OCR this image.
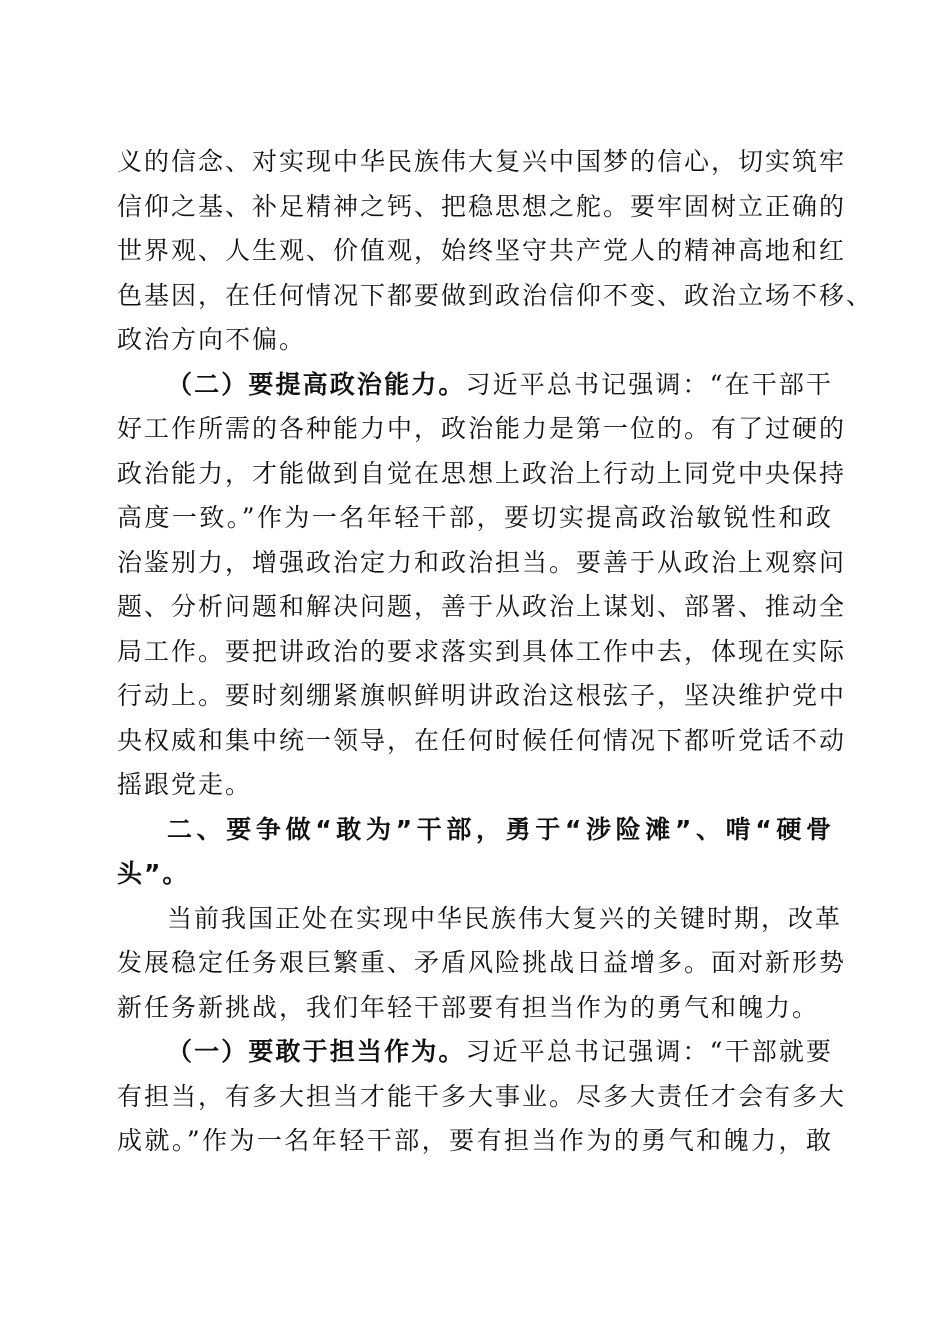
义的信念、对实现中华民族伟大复兴中国梦的信心，切实筑牢
信仰之基、补足精神之钙、把稳思想之舵。要牢固树立正确的
世界观、人生观、价值观，始终坚守共产党人的精神高地和红
色基因，在任何情况下都要做到政治信仰不变、政治立场不移、
政治方向不偏。

（二）要提高政治能力。习近平总书记强调：“在干部干
好工作所需的各种能力中，政治能力是第一位的。有了过硬的
政治能力，才能做到自觉在思想上政治上行动上同党中央保持
高度一致。”作为一名年轻干部，要切实提高政治敏锐性和政
治鉴别力，增强政治定力和政治担当。要善于从政治上观察问
题、分析问题和解决问题，善于从政治上谋划、部署、推动全
局工作。要把讲政治的要求落实到具体工作中去，体现在实际
行动上。要时刻绷紧旗帜鲜明讲政治这根弦子，坚决维护党中
央权威和集中统一领导，在任何时候任何情况下都听党话不动
摇跟党走。

二、要争做“敢为”干部，勇于“涉险滩”、啃“硬骨
头”。

当前我国正处在实现中华民族伟大复兴的关键时期，改革
发展稳定任务艰巨繁重、矛盾风险挑战日益增多。面对新形势
新任务新挑战，我们年轻干部要有担当作为的勇气和魄力。

（一）要敢于担当作为。习近平总书记强调：“干部就要
有担当，有多大担当才能干多大事业。尽多大责任才会有多大
成就。”作为一名年轻干部，要有担当作为的勇气和魄力，敢
